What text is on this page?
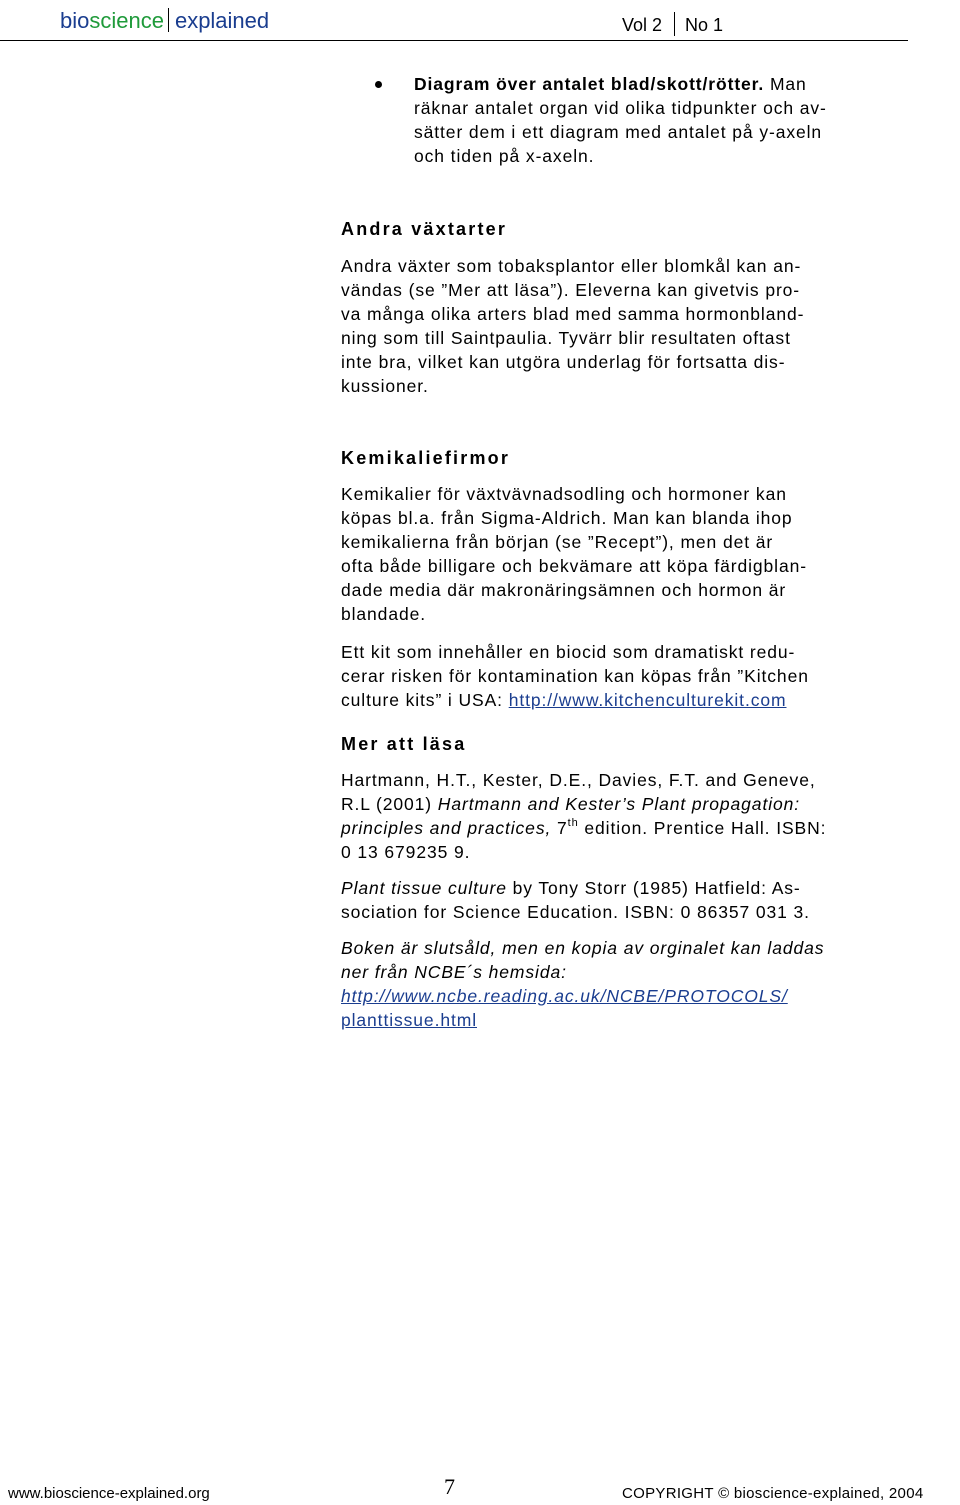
bioscience explained	Vol 2 No 1
Diagram över antalet blad/skott/rötter. Man
räknar antalet organ vid olika tidpunkter och av-
sätter dem i ett diagram med antalet på y-axeln
och tiden på x-axeln.
Andra växtarter
Andra växter som tobaksplantor eller blomkål kan an-
vändas (se ”Mer att läsa”). Eleverna kan givetvis pro-
va många olika arters blad med samma hormonbland-
ning som till Saintpaulia. Tyvärr blir resultaten oftast
inte bra, vilket kan utgöra underlag för fortsatta dis-
kussioner.
Kemikaliefirmor
Kemikalier för växtvävnadsodling och hormoner kan
köpas bl.a. från Sigma-Aldrich. Man kan blanda ihop
kemikalierna från början (se ”Recept”), men det är
ofta både billigare och bekvämare att köpa färdigblan-
dade media där makronäringsämnen och hormon är
blandade.
Ett kit som innehåller en biocid som dramatiskt redu-
cerar risken för kontamination kan köpas från ”Kitchen
culture kits” i USA: http://www.kitchenculturekit.com
Mer att läsa
Hartmann, H.T., Kester, D.E., Davies, F.T. and Geneve,
R.L (2001) Hartmann and Kester’s Plant propagation:
principles and practices, 7th edition. Prentice Hall. ISBN:
0 13 679235 9.
Plant tissue culture by Tony Storr (1985) Hatfield: As-
sociation for Science Education. ISBN: 0 86357 031 3.
Boken är slutsåld, men en kopia av orginalet kan laddas
ner från NCBE´s hemsida:
http://www.ncbe.reading.ac.uk/NCBE/PROTOCOLS/
planttissue.html
www.bioscience-explained.org	7	COPYRIGHT © bioscience-explained, 2004
